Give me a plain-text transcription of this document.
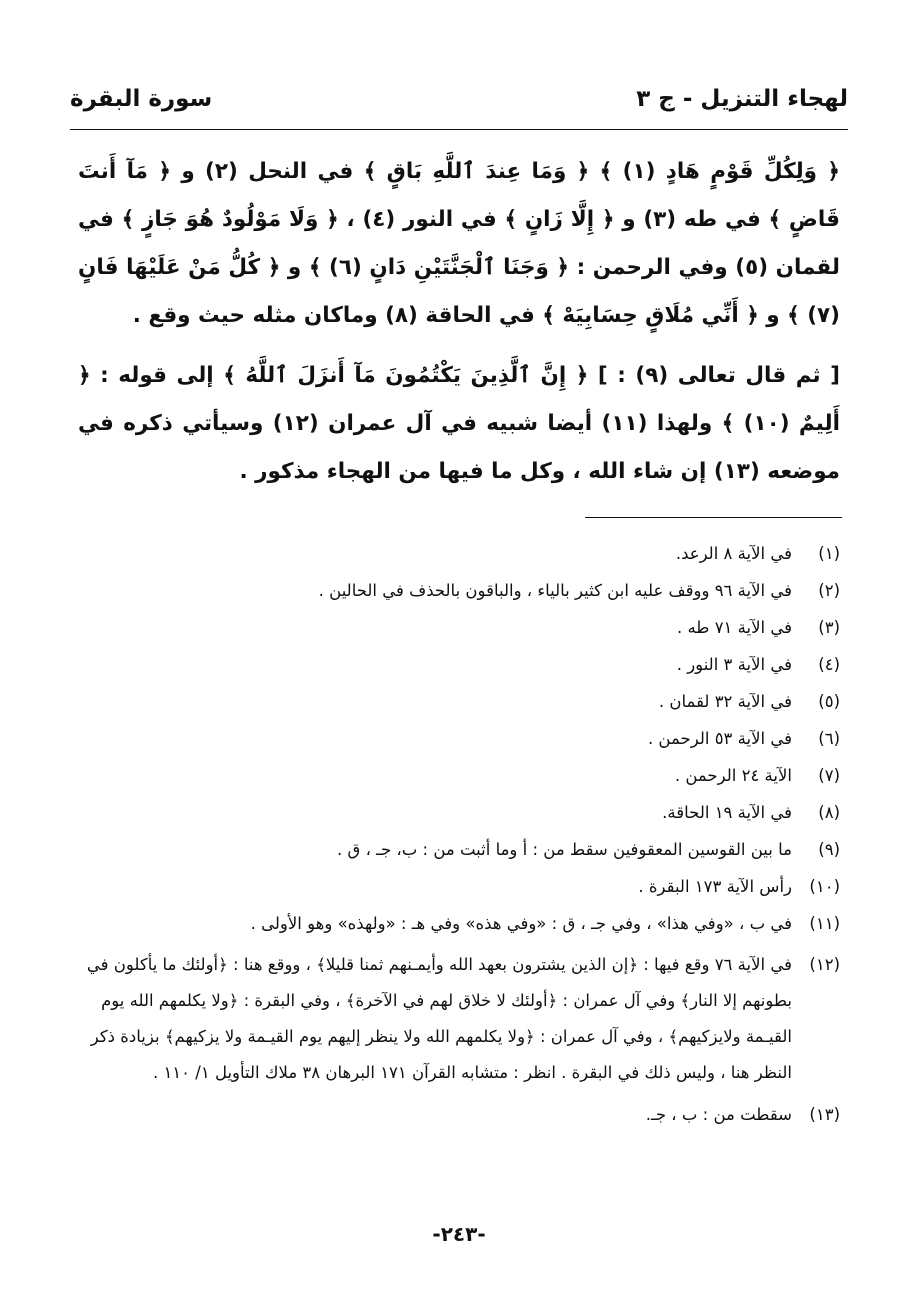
لهجاء التنزيل - ج ٣
سورة البقرة

﴿ وَلِكُلِّ قَوْمٍ هَادٍ (١) ﴾ ﴿ وَمَا عِندَ ٱللَّهِ بَاقٍ ﴾ في النحل (٢) و ﴿ مَآ أَنتَ قَاضٍ ﴾ في طه (٣) و ﴿ إِلَّا زَانٍ ﴾ في النور (٤) ، ﴿ وَلَا مَوْلُودٌ هُوَ جَازٍ ﴾ في لقمان (٥) وفي الرحمن : ﴿ وَجَنَا ٱلْجَنَّتَيْنِ دَانٍ (٦) ﴾ و ﴿ كُلُّ مَنْ عَلَيْهَا فَانٍ (٧) ﴾ و ﴿ أَنِّي مُلَاقٍ حِسَابِيَهْ ﴾ في الحاقة (٨) وماكان مثله حيث وقع .

[ ثم قال تعالى (٩) : ] ﴿ إِنَّ ٱلَّذِينَ يَكْتُمُونَ مَآ أَنزَلَ ٱللَّهُ ﴾ إلى قوله : ﴿ أَلِيمٌ (١٠) ﴾ ولهذا (١١) أيضا شبيه في آل عمران (١٢) وسيأتي ذكره في موضعه (١٣) إن شاء الله ، وكل ما فيها من الهجاء مذكور .

(١)
في الآية ٨ الرعد.
(٢)
في الآية ٩٦ ووقف عليه ابن كثير بالياء ، والباقون بالحذف في الحالين .
(٣)
في الآية ٧١ طه .
(٤)
في الآية ٣ النور .
(٥)
في الآية ٣٢ لقمان .
(٦)
في الآية ٥٣ الرحمن .
(٧)
الآية ٢٤ الرحمن .
(٨)
في الآية ١٩ الحاقة.
(٩)
ما بين القوسين المعقوفين سقط من : أ وما أثبت من : ب، جـ ، ق .
(١٠)
رأس الآية ١٧٣ البقرة .
(١١)
في ب ، «وفي هذا» ، وفي جـ ، ق : «وفي هذه» وفي هـ : «ولهذه» وهو الأولى .
(١٢)
في الآية ٧٦ وقع فيها : ﴿إن الذين يشترون بعهد الله وأيمـنهم ثمنا قليلا﴾ ، ووقع هنا : ﴿أولئك ما يأكلون في بطونهم إلا النار﴾ وفي آل عمران : ﴿أولئك لا خلاق لهم في الآخرة﴾ ، وفي البقرة : ﴿ولا يكلمهم الله يوم القيـمة ولايزكيهم﴾ ، وفي آل عمران : ﴿ولا يكلمهم الله ولا ينظر إليهم يوم القيـمة ولا يزكيهم﴾ بزيادة ذكر النظر هنا ، وليس ذلك في البقرة . انظر : متشابه القرآن ١٧١ البرهان ٣٨ ملاك التأويل ١/ ١١٠ .
(١٣)
سقطت من : ب ، جـ.
-٢٤٣-
